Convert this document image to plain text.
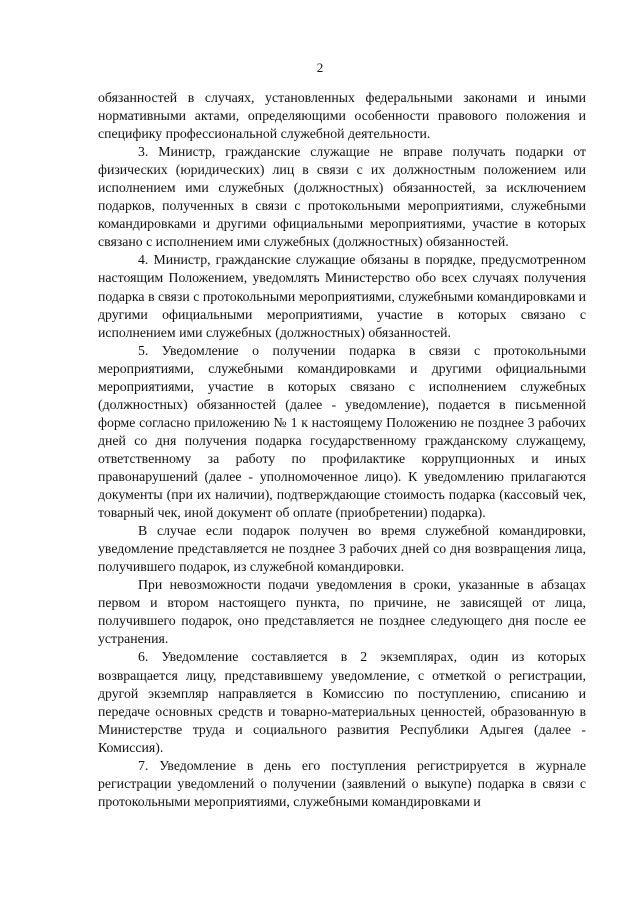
2

обязанностей в случаях, установленных федеральными законами и иными нормативными актами, определяющими особенности правового положения и специфику профессиональной служебной деятельности.

3. Министр, гражданские служащие не вправе получать подарки от физических (юридических) лиц в связи с их должностным положением или исполнением ими служебных (должностных) обязанностей, за исключением подарков, полученных в связи с протокольными мероприятиями, служебными командировками и другими официальными мероприятиями, участие в которых связано с исполнением ими служебных (должностных) обязанностей.

4. Министр, гражданские служащие обязаны в порядке, предусмотренном настоящим Положением, уведомлять Министерство обо всех случаях получения подарка в связи с протокольными мероприятиями, служебными командировками и другими официальными мероприятиями, участие в которых связано с исполнением ими служебных (должностных) обязанностей.

5. Уведомление о получении подарка в связи с протокольными мероприятиями, служебными командировками и другими официальными мероприятиями, участие в которых связано с исполнением служебных (должностных) обязанностей (далее - уведомление), подается в письменной форме согласно приложению № 1 к настоящему Положению не позднее 3 рабочих дней со дня получения подарка государственному гражданскому служащему, ответственному за работу по профилактике коррупционных и иных правонарушений (далее - уполномоченное лицо). К уведомлению прилагаются документы (при их наличии), подтверждающие стоимость подарка (кассовый чек, товарный чек, иной документ об оплате (приобретении) подарка).

В случае если подарок получен во время служебной командировки, уведомление представляется не позднее 3 рабочих дней со дня возвращения лица, получившего подарок, из служебной командировки.

При невозможности подачи уведомления в сроки, указанные в абзацах первом и втором настоящего пункта, по причине, не зависящей от лица, получившего подарок, оно представляется не позднее следующего дня после ее устранения.

6. Уведомление составляется в 2 экземплярах, один из которых возвращается лицу, представившему уведомление, с отметкой о регистрации, другой экземпляр направляется в Комиссию по поступлению, списанию и передаче основных средств и товарно-материальных ценностей, образованную в Министерстве труда и социального развития Республики Адыгея (далее - Комиссия).

7. Уведомление в день его поступления регистрируется в журнале регистрации уведомлений о получении (заявлений о выкупе) подарка в связи с протокольными мероприятиями, служебными командировками и
